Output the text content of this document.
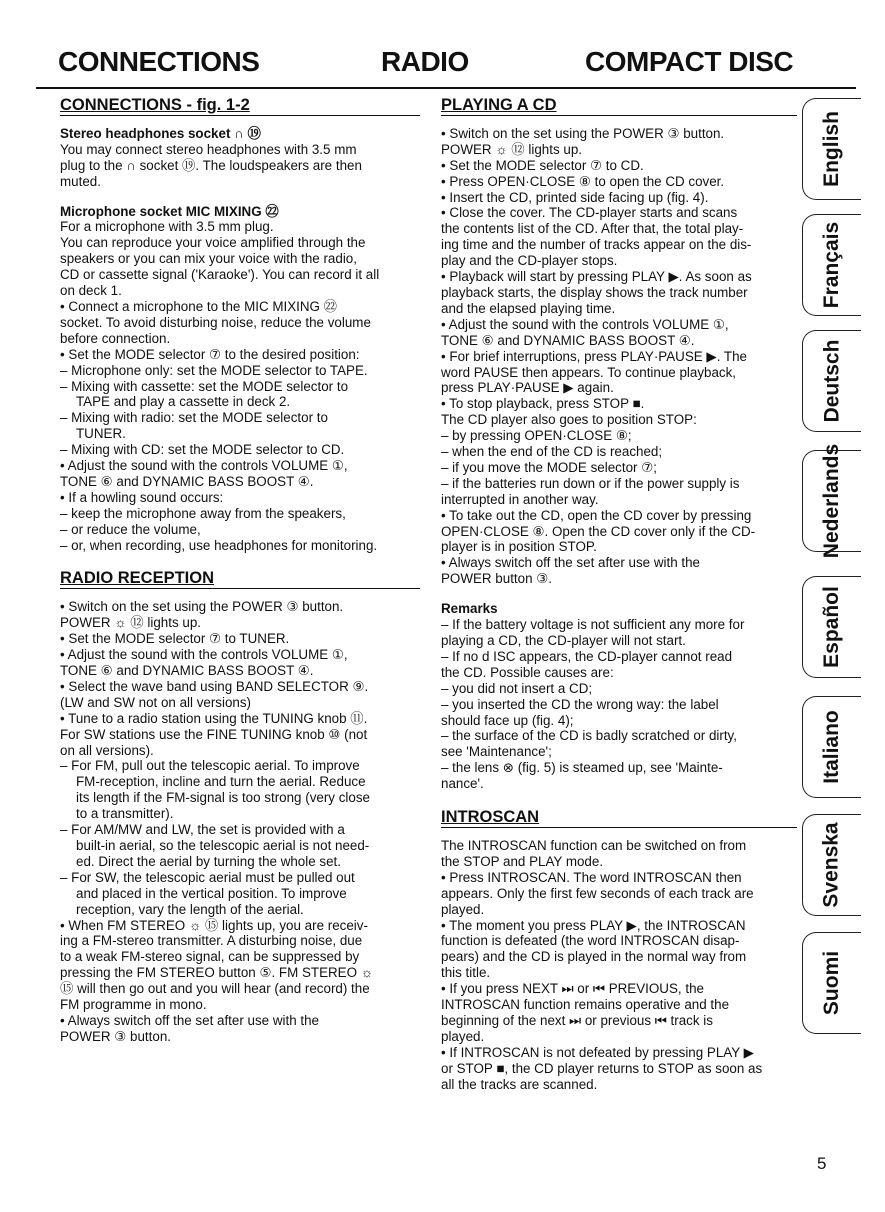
CONNECTIONS	RADIO	COMPACT DISC
CONNECTIONS - fig. 1-2
Stereo headphones socket ∩ ⑲
You may connect stereo headphones with 3.5 mm
plug to the ∩ socket ⑲. The loudspeakers are then
muted.
Microphone socket MIC MIXING ㉒
For a microphone with 3.5 mm plug.
You can reproduce your voice amplified through the
speakers or you can mix your voice with the radio,
CD or cassette signal ('Karaoke'). You can record it all
on deck 1.
• Connect a microphone to the MIC MIXING ㉒
socket. To avoid disturbing noise, reduce the volume
before connection.
• Set the MODE selector ⑦ to the desired position:
– Microphone only: set the MODE selector to TAPE.
– Mixing with cassette: set the MODE selector to
TAPE and play a cassette in deck 2.
– Mixing with radio: set the MODE selector to
TUNER.
– Mixing with CD: set the MODE selector to CD.
• Adjust the sound with the controls VOLUME ①,
TONE ⑥ and DYNAMIC BASS BOOST ④.
• If a howling sound occurs:
– keep the microphone away from the speakers,
– or reduce the volume,
– or, when recording, use headphones for monitoring.
RADIO RECEPTION
• Switch on the set using the POWER ③ button.
POWER ☼ ⑫ lights up.
• Set the MODE selector ⑦ to TUNER.
• Adjust the sound with the controls VOLUME ①,
TONE ⑥ and DYNAMIC BASS BOOST ④.
• Select the wave band using BAND SELECTOR ⑨.
(LW and SW not on all versions)
• Tune to a radio station using the TUNING knob ⑪.
For SW stations use the FINE TUNING knob ⑩ (not
on all versions).
– For FM, pull out the telescopic aerial. To improve
FM-reception, incline and turn the aerial. Reduce
its length if the FM-signal is too strong (very close
to a transmitter).
– For AM/MW and LW, the set is provided with a
built-in aerial, so the telescopic aerial is not need-
ed. Direct the aerial by turning the whole set.
– For SW, the telescopic aerial must be pulled out
and placed in the vertical position. To improve
reception, vary the length of the aerial.
• When FM STEREO ☼ ⑮ lights up, you are receiv-
ing a FM-stereo transmitter. A disturbing noise, due
to a weak FM-stereo signal, can be suppressed by
pressing the FM STEREO button ⑤. FM STEREO ☼
⑮ will then go out and you will hear (and record) the
FM programme in mono.
• Always switch off the set after use with the
POWER ③ button.
PLAYING A CD
• Switch on the set using the POWER ③ button.
POWER ☼ ⑫ lights up.
• Set the MODE selector ⑦ to CD.
• Press OPEN·CLOSE ⑧ to open the CD cover.
• Insert the CD, printed side facing up (fig. 4).
• Close the cover. The CD-player starts and scans
the contents list of the CD. After that, the total play-
ing time and the number of tracks appear on the dis-
play and the CD-player stops.
• Playback will start by pressing PLAY ▶. As soon as
playback starts, the display shows the track number
and the elapsed playing time.
• Adjust the sound with the controls VOLUME ①,
TONE ⑥ and DYNAMIC BASS BOOST ④.
• For brief interruptions, press PLAY·PAUSE ▶. The
word PAUSE then appears. To continue playback,
press PLAY·PAUSE ▶ again.
• To stop playback, press STOP ■.
The CD player also goes to position STOP:
– by pressing OPEN·CLOSE ⑧;
– when the end of the CD is reached;
– if you move the MODE selector ⑦;
– if the batteries run down or if the power supply is
interrupted in another way.
• To take out the CD, open the CD cover by pressing
OPEN·CLOSE ⑧. Open the CD cover only if the CD-
player is in position STOP.
• Always switch off the set after use with the
POWER button ③.
Remarks
– If the battery voltage is not sufficient any more for
playing a CD, the CD-player will not start.
– If no d ISC appears, the CD-player cannot read
the CD. Possible causes are:
– you did not insert a CD;
– you inserted the CD the wrong way: the label
should face up (fig. 4);
– the surface of the CD is badly scratched or dirty,
see 'Maintenance';
– the lens ⊗ (fig. 5) is steamed up, see 'Mainte-
nance'.
INTROSCAN
The INTROSCAN function can be switched on from
the STOP and PLAY mode.
• Press INTROSCAN. The word INTROSCAN then
appears. Only the first few seconds of each track are
played.
• The moment you press PLAY ▶, the INTROSCAN
function is defeated (the word INTROSCAN disap-
pears) and the CD is played in the normal way from
this title.
• If you press NEXT ⏭ or ⏮ PREVIOUS, the
INTROSCAN function remains operative and the
beginning of the next ⏭ or previous ⏮ track is
played.
• If INTROSCAN is not defeated by pressing PLAY ▶
or STOP ■, the CD player returns to STOP as soon as
all the tracks are scanned.
English
Français
Deutsch
Nederlands
Español
Italiano
Svenska
Suomi
5
